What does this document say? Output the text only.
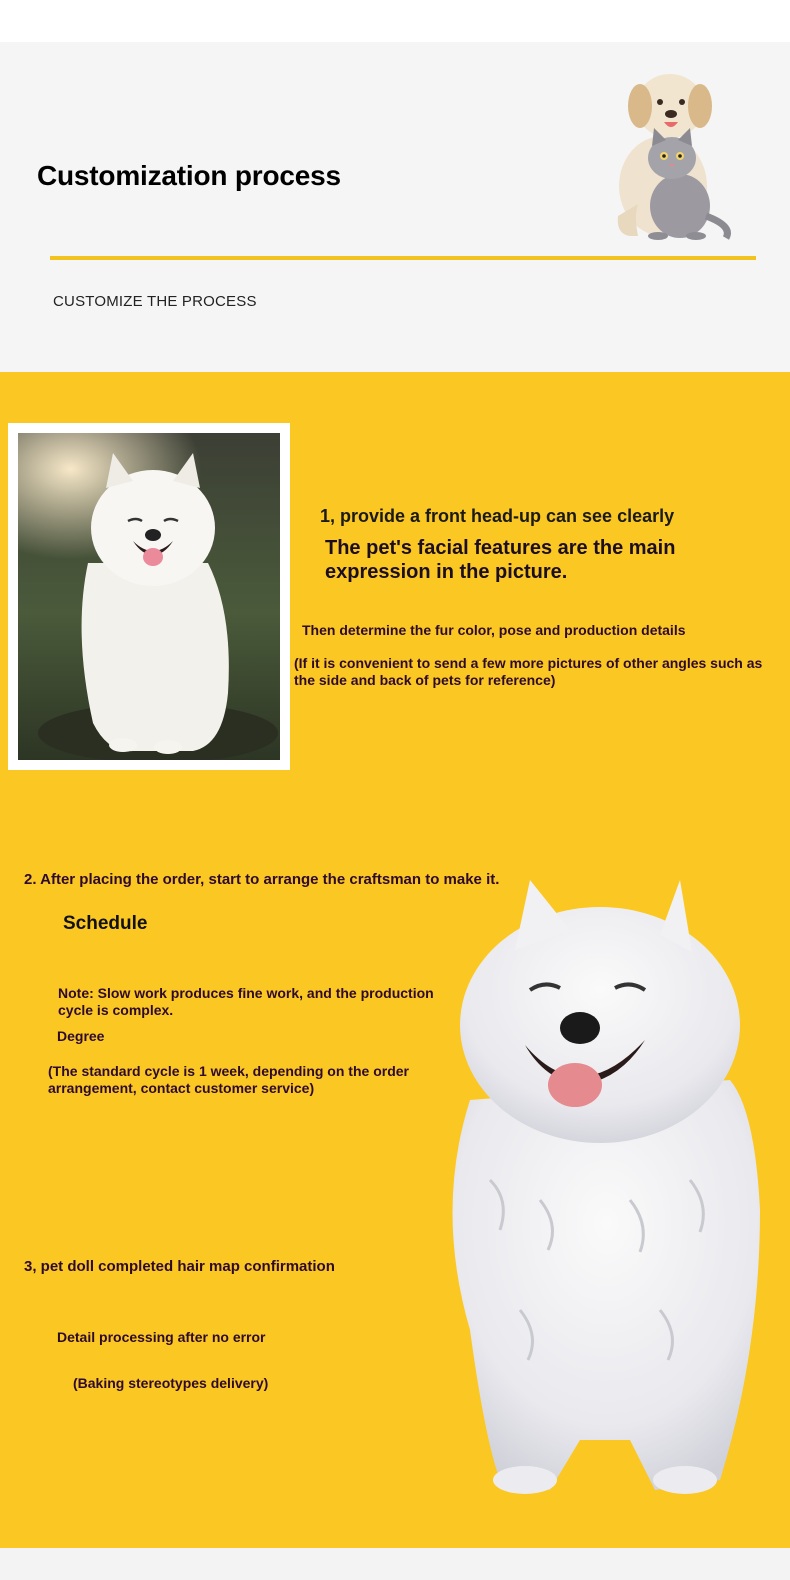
Customization process
CUSTOMIZE THE PROCESS
1, provide a front head-up can see clearly
The pet's facial features are the main expression in the picture.
Then determine the fur color, pose and production details
(If it is convenient to send a few more pictures of other angles such as the side and back of pets for reference)
2. After placing the order, start to arrange the craftsman to make it.
Schedule
Note: Slow work produces fine work, and the production cycle is complex.
Degree
(The standard cycle is 1 week, depending on the order arrangement, contact customer service)
3, pet doll completed hair map confirmation
Detail processing after no error
(Baking stereotypes delivery)
